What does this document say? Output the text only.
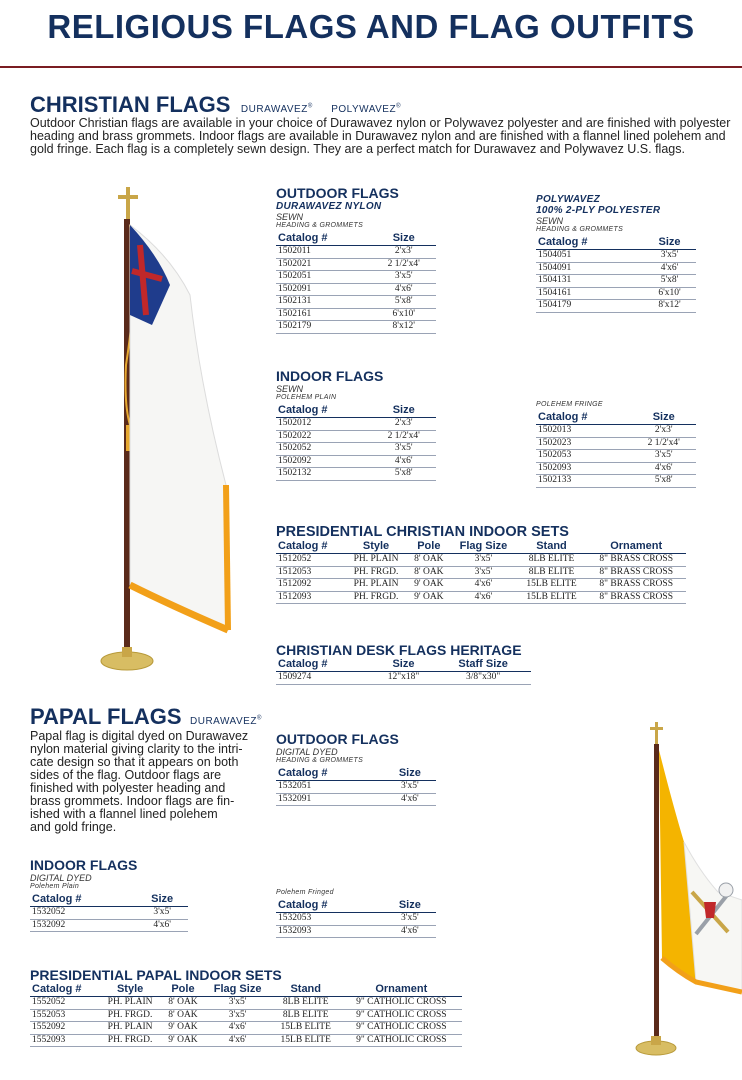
RELIGIOUS FLAGS AND FLAG OUTFITS
CHRISTIAN FLAGS DURAWAVEZ® POLYWAVEZ®
Outdoor Christian flags are available in your choice of Durawavez nylon or Polywavez polyester and are finished with polyester
heading and brass grommets. Indoor flags are available in Durawavez nylon and are finished with a flannel lined polehem and
gold fringe. Each flag is a completely sewn design. They are a perfect match for Durawavez and Polywavez U.S. flags.
OUTDOOR FLAGS
DURAWAVEZ NYLON
SEWN
HEADING & GROMMETS
Catalog #	Size
1502011	2'x3'
1502021	2 1/2'x4'
1502051	3'x5'
1502091	4'x6'
1502131	5'x8'
1502161	6'x10'
1502179	8'x12'
POLYWAVEZ
100% 2-PLY POLYESTER
SEWN
HEADING & GROMMETS
Catalog #	Size
1504051	3'x5'
1504091	4'x6'
1504131	5'x8'
1504161	6'x10'
1504179	8'x12'
INDOOR FLAGS
SEWN
POLEHEM PLAIN
Catalog #	Size
1502012	2'x3'
1502022	2 1/2'x4'
1502052	3'x5'
1502092	4'x6'
1502132	5'x8'
POLEHEM FRINGE
Catalog #	Size
1502013	2'x3'
1502023	2 1/2'x4'
1502053	3'x5'
1502093	4'x6'
1502133	5'x8'
PRESIDENTIAL CHRISTIAN INDOOR SETS
Catalog #	Style	Pole	Flag Size	Stand	Ornament
1512052	PH. PLAIN	8' OAK	3'x5'	8LB ELITE	8" BRASS CROSS
1512053	PH. FRGD.	8' OAK	3'x5'	8LB ELITE	8" BRASS CROSS
1512092	PH. PLAIN	9' OAK	4'x6'	15LB ELITE	8" BRASS CROSS
1512093	PH. FRGD.	9' OAK	4'x6'	15LB ELITE	8" BRASS CROSS
CHRISTIAN DESK FLAGS HERITAGE
Catalog #	Size	Staff Size
1509274	12"x18"	3/8"x30"
PAPAL FLAGS DURAWAVEZ®
Papal flag is digital dyed on Durawavez
nylon material giving clarity to the intri-
cate design so that it appears on both
sides of the flag. Outdoor flags are
finished with polyester heading and
brass grommets. Indoor flags are fin-
ished with a flannel lined polehem
and gold fringe.
OUTDOOR FLAGS
DIGITAL DYED
HEADING & GROMMETS
Catalog #	Size
1532051	3'x5'
1532091	4'x6'
INDOOR FLAGS
DIGITAL DYED
Polehem Plain
Catalog #	Size
1532052	3'x5'
1532092	4'x6'
Polehem Fringed
Catalog #	Size
1532053	3'x5'
1532093	4'x6'
PRESIDENTIAL PAPAL INDOOR SETS
Catalog #	Style	Pole	Flag Size	Stand	Ornament
1552052	PH. PLAIN	8' OAK	3'x5'	8LB ELITE	9" CATHOLIC CROSS
1552053	PH. FRGD.	8' OAK	3'x5'	8LB ELITE	9" CATHOLIC CROSS
1552092	PH. PLAIN	9' OAK	4'x6'	15LB ELITE	9" CATHOLIC CROSS
1552093	PH. FRGD.	9' OAK	4'x6'	15LB ELITE	9" CATHOLIC CROSS
